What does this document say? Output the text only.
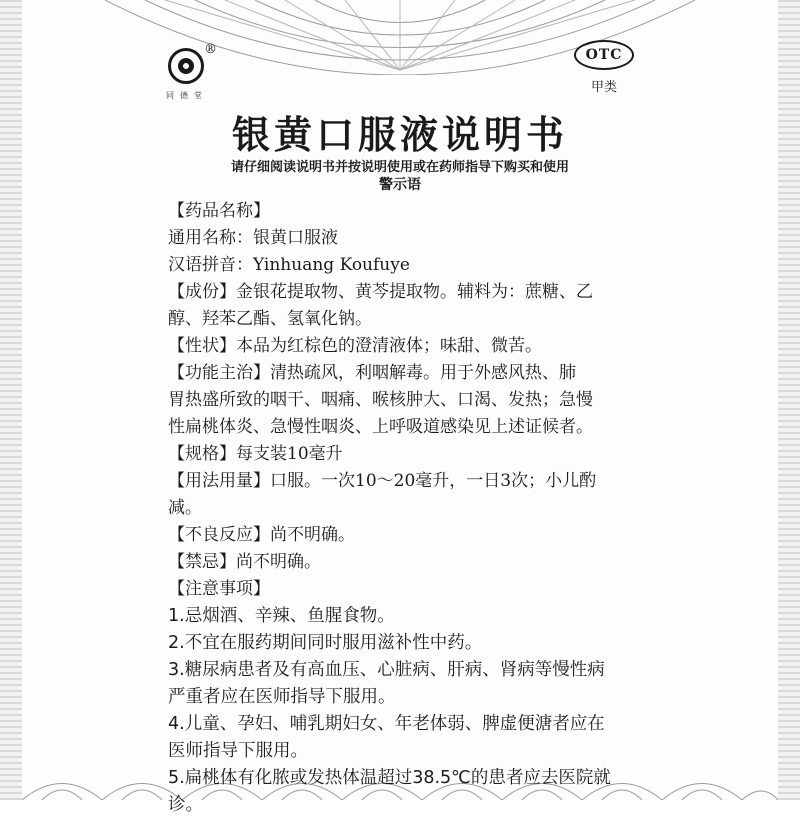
®
同德堂
OTC
甲类
银黄口服液说明书
请仔细阅读说明书并按说明使用或在药师指导下购买和使用
警示语
【药品名称】
通用名称：银黄口服液
汉语拼音：Yinhuang Koufuye
【成份】金银花提取物、黄芩提取物。辅料为：蔗糖、乙
醇、羟苯乙酯、氢氧化钠。
【性状】本品为红棕色的澄清液体；味甜、微苦。
【功能主治】清热疏风，利咽解毒。用于外感风热、肺
胃热盛所致的咽干、咽痛、喉核肿大、口渴、发热；急慢
性扁桃体炎、急慢性咽炎、上呼吸道感染见上述证候者。
【规格】每支装10毫升
【用法用量】口服。一次10～20毫升，一日3次；小儿酌
减。
【不良反应】尚不明确。
【禁忌】尚不明确。
【注意事项】
1.忌烟酒、辛辣、鱼腥食物。
2.不宜在服药期间同时服用滋补性中药。
3.糖尿病患者及有高血压、心脏病、肝病、肾病等慢性病
严重者应在医师指导下服用。
4.儿童、孕妇、哺乳期妇女、年老体弱、脾虚便溏者应在
医师指导下服用。
5.扁桃体有化脓或发热体温超过38.5℃的患者应去医院就
诊。
